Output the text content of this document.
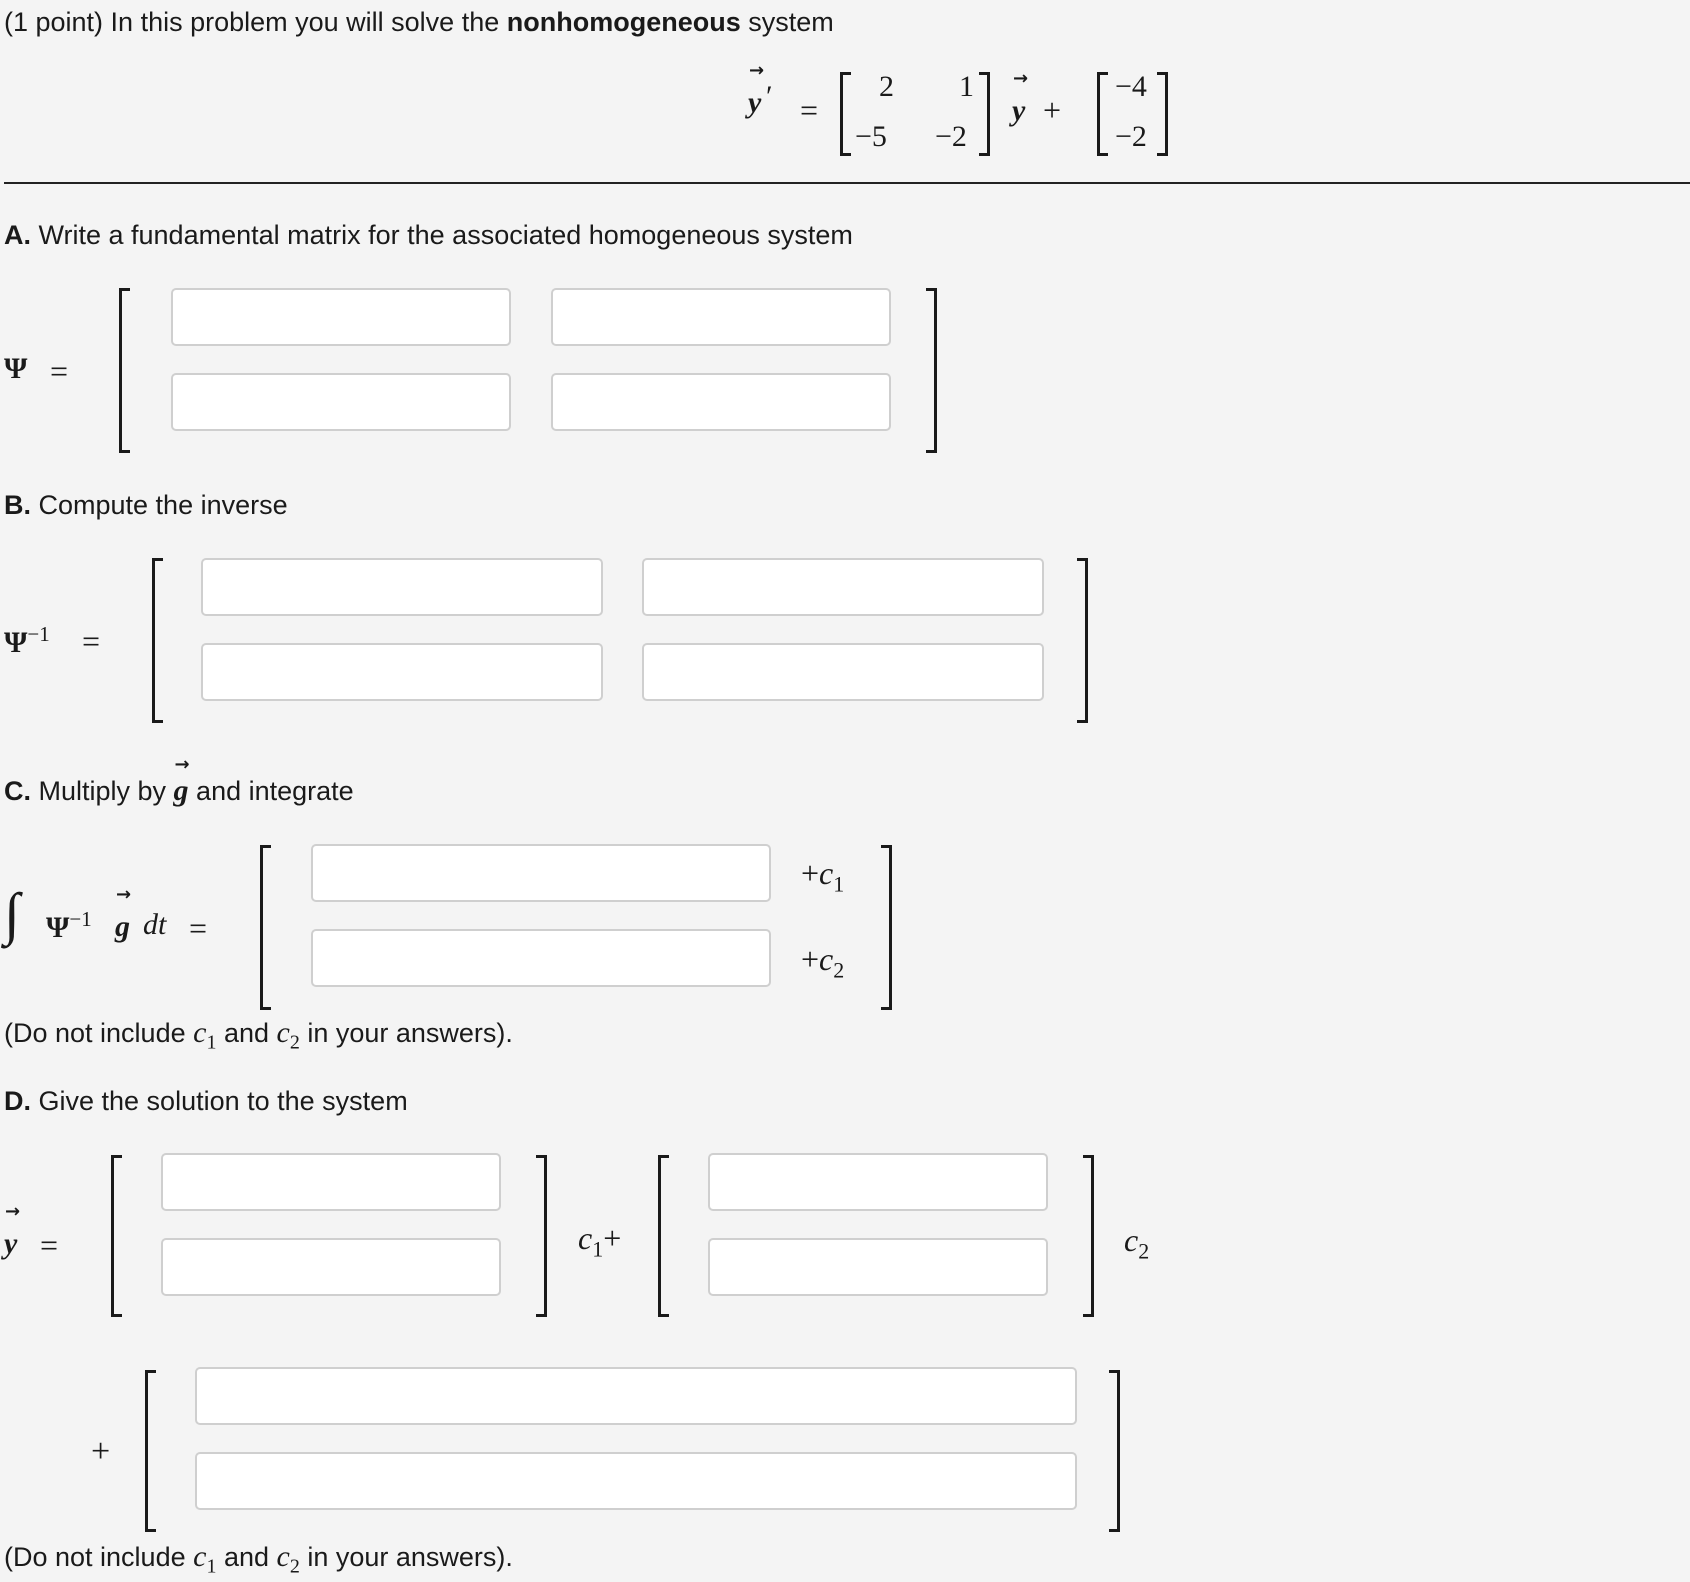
(1 point) In this problem you will solve the nonhomogeneous system
→ y ′ =
2 1
−5 −2
→ y +
−4
−2
A. Write a fundamental matrix for the associated homogeneous system
Ψ =
B. Compute the inverse
$\Psi^{-1}$ =
C. Multiply by → g and integrate
∫ $\Psi^{-1}$
→ g dt =
$+c_1$
$+c_2$
(Do not include $c_1$ and $c_2$ in your answers).
D. Give the solution to the system
→ y =	$c_1+$	$c_2$
+
(Do not include $c_1$ and $c_2$ in your answers).
